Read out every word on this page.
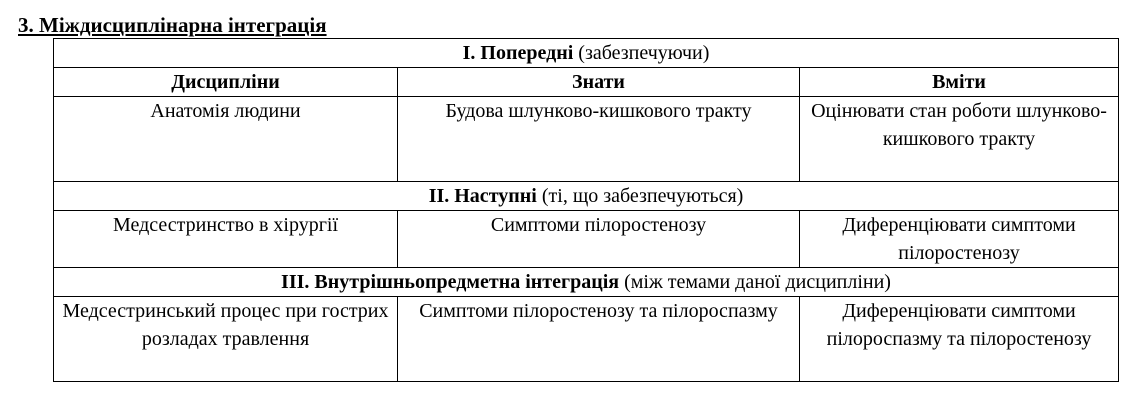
3. Міждисциплінарна інтеграція
I. Попередні (забезпечуючи)		
Дисципліни	Знати	Вміти
Анатомія людини	Будова шлунково-кишкового тракту	Оцінювати стан роботи шлунково-кишкового тракту
II. Наступні (ті, що забезпечуються)		
Медсестринство в хірургії	Симптоми пілоростенозу	Диференціювати симптоми пілоростенозу
III. Внутрішньопредметна інтеграція (між темами даної дисципліни)		
Медсестринський процес при гострих розладах травлення	Симптоми пілоростенозу та пілороспазму	Диференціювати симптоми пілороспазму та пілоростенозу
